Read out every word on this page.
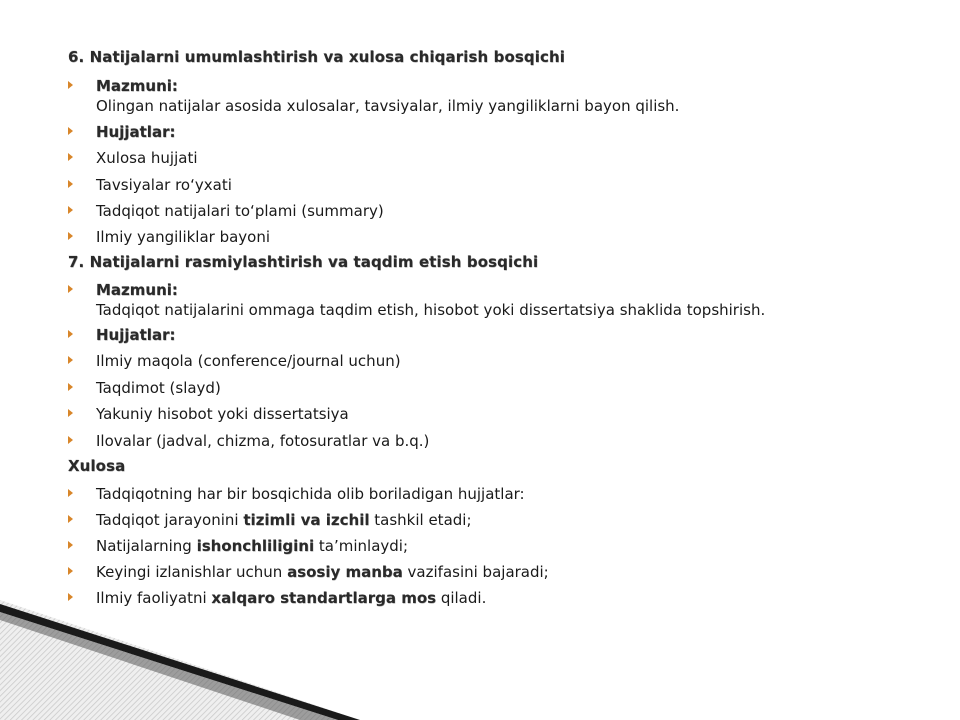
6. Natijalarni umumlashtirish va xulosa chiqarish bosqichi
Mazmuni:
Olingan natijalar asosida xulosalar, tavsiyalar, ilmiy yangiliklarni bayon qilish.
Hujjatlar:
Xulosa hujjati
Tavsiyalar ro‘yxati
Tadqiqot natijalari to‘plami (summary)
Ilmiy yangiliklar bayoni
7. Natijalarni rasmiylashtirish va taqdim etish bosqichi
Mazmuni:
Tadqiqot natijalarini ommaga taqdim etish, hisobot yoki dissertatsiya shaklida topshirish.
Hujjatlar:
Ilmiy maqola (conference/journal uchun)
Taqdimot (slayd)
Yakuniy hisobot yoki dissertatsiya
Ilovalar (jadval, chizma, fotosuratlar va b.q.)
Xulosa
Tadqiqotning har bir bosqichida olib boriladigan hujjatlar:
Tadqiqot jarayonini tizimli va izchil tashkil etadi;
Natijalarning ishonchliligini ta’minlaydi;
Keyingi izlanishlar uchun asosiy manba vazifasini bajaradi;
Ilmiy faoliyatni xalqaro standartlarga mos qiladi.
